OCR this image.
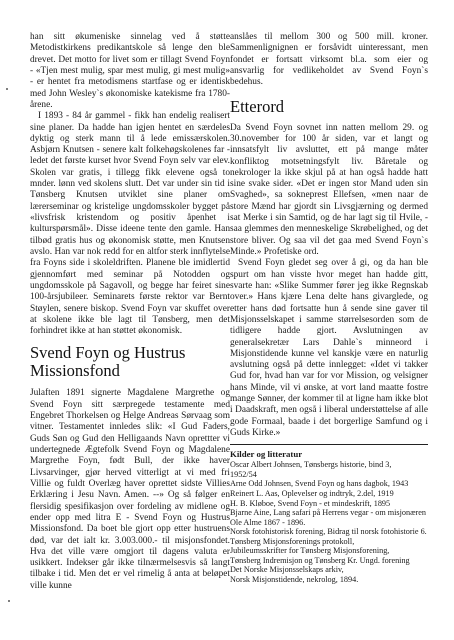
han sitt økumeniske sinnelag ved å støtte Metodistkirkens predikantskole så lenge den ble drevet. Det motto for livet som er tillagt Svend Foyn - «Tjen mest mulig, spar mest mulig, gi mest mulig» - er hentet fra metodismens startfase og er identisk med John Wesley`s økonomiske katekisme fra 1780-årene.

I 1893 - 84 år gammel - fikk han endelig realisert sine planer. Da hadde han igjen hentet en særdeles dyktig og sterk mann til å lede emissærskolen. Asbjørn Knutsen - senere kalt folkehøgskolenes far - ledet det første kurset hvor Svend Foyn selv var elev. Skolen var gratis, i tillegg fikk elevene også to mnder. lønn ved skolens slutt. Det var under sin tid i Tønsberg Knutsen utviklet sine planer om lærerseminar og kristelige ungdomsskoler bygget på «livsfrisk kristendom og positiv åpenhet i kulturspørsmål». Disse ideene tente den gamle. Han tilbød gratis hus og økonomisk støtte, men Knutsen avslo. Han var nok redd for en altfor sterk innflytelse fra Foyns side i skoleldriften. Planene ble imidlertid gjennomført med seminar på Notodden og ungdomsskole på Sagavoll, og begge har feiret sine 100-årsjubileer. Seminarets første rektor var Bernt Støylen, senere biskop. Svend Foyn var skuffet over at skolene ikke ble lagt til Tønsberg, men det forhindret ikke at han støttet økonomisk.

Svend Foyn og Hustrus Missionsfond

Julaften 1891 signerte Magdalene Margrethe og Svend Foyn sitt særpregede testamente med Engebret Thorkelsen og Helge Andreas Sørvaag som vitner. Testamentet innledes slik: «I Gud Faders, Guds Søn og Gud den Helligaands Navn oprettter vi undertegnede Ægtefolk Svend Foyn og Magdalene Margrethe Foyn, født Bull, der ikke haver Livsarvinger, gjør herved vitterligt at vi med fri Villie og fuldt Overlæg haver oprettet sidste Villies Erklæring i Jesu Navn. Amen. --» Og så følger en flersidig spesifikasjon over fordeling av midlene og ender opp med litra E - Svend Foyn og Hustrus Missionsfond. Da boet ble gjort opp etter hustruens død, var det ialt kr. 3.003.000.- til misjonsfondet. Hva det ville være omgjort til dagens valuta er usikkert. Indekser går ikke tilnærmelsesvis så langt tilbake i tid. Men det er vel rimelig å anta at beløpet ville kunne

anslåes til mellom 300 og 500 mill. kroner. Sammenlignignen er forsåvidt uinteressant, men fondet er fortsatt virksomt bl.a. som eier og ansvarlig for vedlikeholdet av Svend Foyn`s bedehus.

Etterord

Da Svend Foyn sovnet inn natten mellom 29. og 30.november for 100 år siden, var et langt og innsatsfylt liv avsluttet, ett på mange måter konfliktog motsetningsfylt liv. Båretale og nekrologer la ikke skjul på at han også hadde hatt sine svake sider. «Det er ingen stor Mand uden sin Svaghed», sa sokneprest Ellefsen, «men naar de store Mænd har gjordt sin Livsgjærning og dermed sat Merke i sin Samtid, og de har lagt sig til Hvile, - saa glemmes den menneskelige Skrøbelighed, og det store bliver. Og saa vil det gaa med Svend Foyn`s Minde.» Profetiske ord.

Svend Foyn gledet seg over å gi, og da han ble spurt om han visste hvor meget han hadde gitt, svarte han: «Slike Summer fører jeg ikke Regnskab over.» Hans kjære Lena delte hans givarglede, og etter hans død fortsatte hun å sende sine gaver til Misjonsselskapet i samme størrelsesorden som de tidligere hadde gjort. Avslutningen av generalsekretær Lars Dahle`s minneord i Misjonstidende kunne vel kanskje være en naturlig avslutning også på dette innlegget: «Idet vi takker Gud for, hvad han var for vor Mission, og velsigner hans Minde, vil vi ønske, at vort land maatte fostre mange Sønner, der kommer til at ligne ham ikke blot i Daadskraft, men også i liberal understøttelse af alle gode Formaal, baade i det borgerlige Samfund og i Guds Kirke.»

Kilder og litteratur

Oscar Albert Johnsen, Tønsbergs historie, bind 3,

1952/54

Arne Odd Johnsen, Svend Foyn og hans dagbok, 1943

Reinert L. Aas, Oplevelser og indtryk, 2.del, 1919

H. B. Kløboe, Svend Foyn - et mindeskrift, 1895

Bjarne Aine, Lang safari på Herrens vegar - om misjonæren Ole Alme 1867 - 1896.

Norsk fotohistorisk forening, Bidrag til norsk fotohistorie 6.

Tønsberg Misjonsforenings protokoll,

Jubileumsskrifter for Tønsberg Misjonsforening,

Tønsberg Indremisjon og Tønsberg Kr. Ungd. forening

Det Norske Misjonsselskaps arkiv,

Norsk Misjonstidende, nekrolog, 1894.
